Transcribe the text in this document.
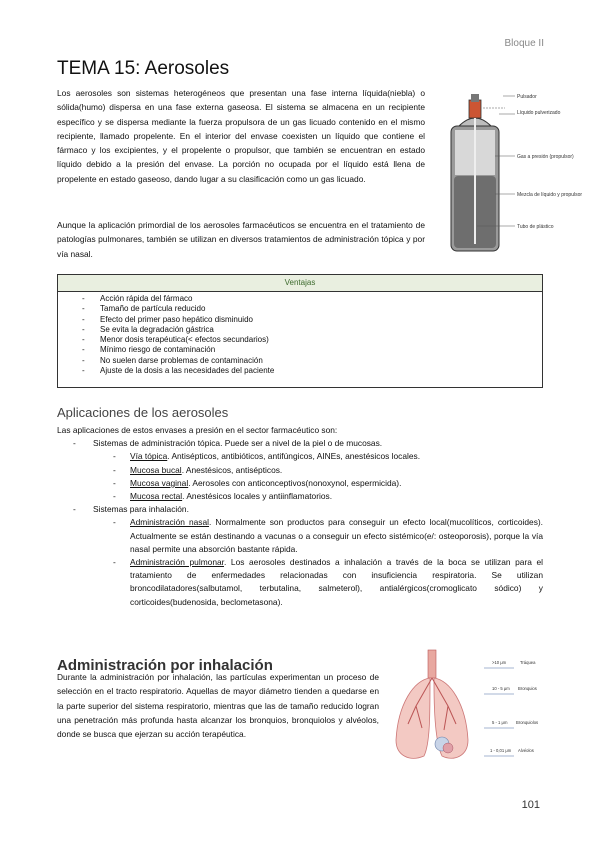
Bloque II
TEMA 15: Aerosoles

Los aerosoles son sistemas heterogéneos que presentan una fase interna líquida(niebla) o sólida(humo) dispersa en una fase externa gaseosa. El sistema se almacena en un recipiente específico y se dispersa mediante la fuerza propulsora de un gas licuado contenido en el mismo recipiente, llamado propelente. En el interior del envase coexisten un líquido que contiene el fármaco y los excipientes, y el propelente o propulsor, que también se encuentran en estado líquido debido a la presión del envase. La porción no ocupada por el líquido está llena de propelente en estado gaseoso, dando lugar a su clasificación como un gas licuado.

Aunque la aplicación primordial de los aerosoles farmacéuticos se encuentra en el tratamiento de patologías pulmonares, también se utilizan en diversos tratamientos de administración tópica y por vía nasal.

Pulsador
Líquido pulverizado
Gas a presión (propulsor)
Mezcla de líquido y propulsor
Tubo de plástico
Ventajas
- Acción rápida del fármaco
- Tamaño de partícula reducido
- Efecto del primer paso hepático disminuido
- Se evita la degradación gástrica
- Menor dosis terapéutica(< efectos secundarios)
- Mínimo riesgo de contaminación
- No suelen darse problemas de contaminación
- Ajuste de la dosis a las necesidades del paciente
Aplicaciones de los aerosoles

Las aplicaciones de estos envases a presión en el sector farmacéutico son:

- Sistemas de administración tópica. Puede ser a nivel de la piel o de mucosas.

- Vía tópica. Antisépticos, antibióticos, antifúngicos, AINEs, anestésicos locales.

- Mucosa bucal. Anestésicos, antisépticos.

- Mucosa vaginal. Aerosoles con anticonceptivos(nonoxynol, espermicida).

- Mucosa rectal. Anestésicos locales y antiinflamatorios.

- Sistemas para inhalación.

- Administración nasal. Normalmente son productos para conseguir un efecto local(mucolíticos, corticoides). Actualmente se están destinando a vacunas o a conseguir un efecto sistémico(e/: osteoporosis), porque la vía nasal permite una absorción bastante rápida.

- Administración pulmonar. Los aerosoles destinados a inhalación a través de la boca se utilizan para el tratamiento de enfermedades relacionadas con insuficiencia respiratoria. Se utilizan broncodilatadores(salbutamol, terbutalina, salmeterol), antialérgicos(cromoglicato sódico) y corticoides(budenosida, beclometasona).

Administración por inhalación

Durante la administración por inhalación, las partículas experimentan un proceso de selección en el tracto respiratorio. Aquellas de mayor diámetro tienden a quedarse en la parte superior del sistema respiratorio, mientras que las de tamaño reducido logran una penetración más profunda hasta alcanzar los bronquios, bronquiolos y alvéolos, donde se busca que ejerzan su acción terapéutica.

>10 μm	Tráquea
10 - 5 μm Bronquios
5 - 1 μm Bronquiolos
1 - 0,01 μm Alvéolos
101
